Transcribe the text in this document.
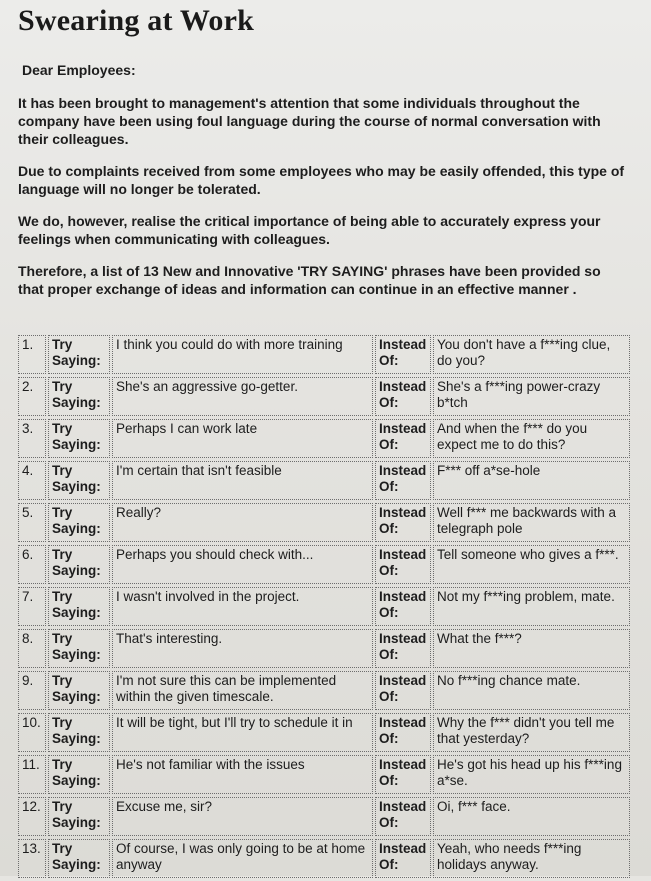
Swearing at Work
Dear Employees:

It has been brought to management's attention that some individuals throughout the company have been using foul language during the course of normal conversation with their colleagues.

Due to complaints received from some employees who may be easily offended, this type of language will no longer be tolerated.

We do, however, realise the critical importance of being able to accurately express your feelings when communicating with colleagues.

Therefore, a list of 13 New and Innovative 'TRY SAYING' phrases have been provided so that proper exchange of ideas and information can continue in an effective manner .

1.	Try Saying:	I think you could do with more training	Instead Of:	You don't have a f***ing clue, do you?
2.	Try Saying:	She's an aggressive go-getter.	Instead Of:	She's a f***ing power-crazy b*tch
3.	Try Saying:	Perhaps I can work late	Instead Of:	And when the f*** do you expect me to do this?
4.	Try Saying:	I'm certain that isn't feasible	Instead Of:	F*** off a*se-hole
5.	Try Saying:	Really?	Instead Of:	Well f*** me backwards with a telegraph pole
6.	Try Saying:	Perhaps you should check with...	Instead Of:	Tell someone who gives a f***.
7.	Try Saying:	I wasn't involved in the project.	Instead Of:	Not my f***ing problem, mate.
8.	Try Saying:	That's interesting.	Instead Of:	What the f***?
9.	Try Saying:	I'm not sure this can be implemented within the given timescale.	Instead Of:	No f***ing chance mate.
10.	Try Saying:	It will be tight, but I'll try to schedule it in	Instead Of:	Why the f*** didn't you tell me that yesterday?
11.	Try Saying:	He's not familiar with the issues	Instead Of:	He's got his head up his f***ing a*se.
12.	Try Saying:	Excuse me, sir?	Instead Of:	Oi, f*** face.
13.	Try Saying:	Of course, I was only going to be at home anyway	Instead Of:	Yeah, who needs f***ing holidays anyway.
